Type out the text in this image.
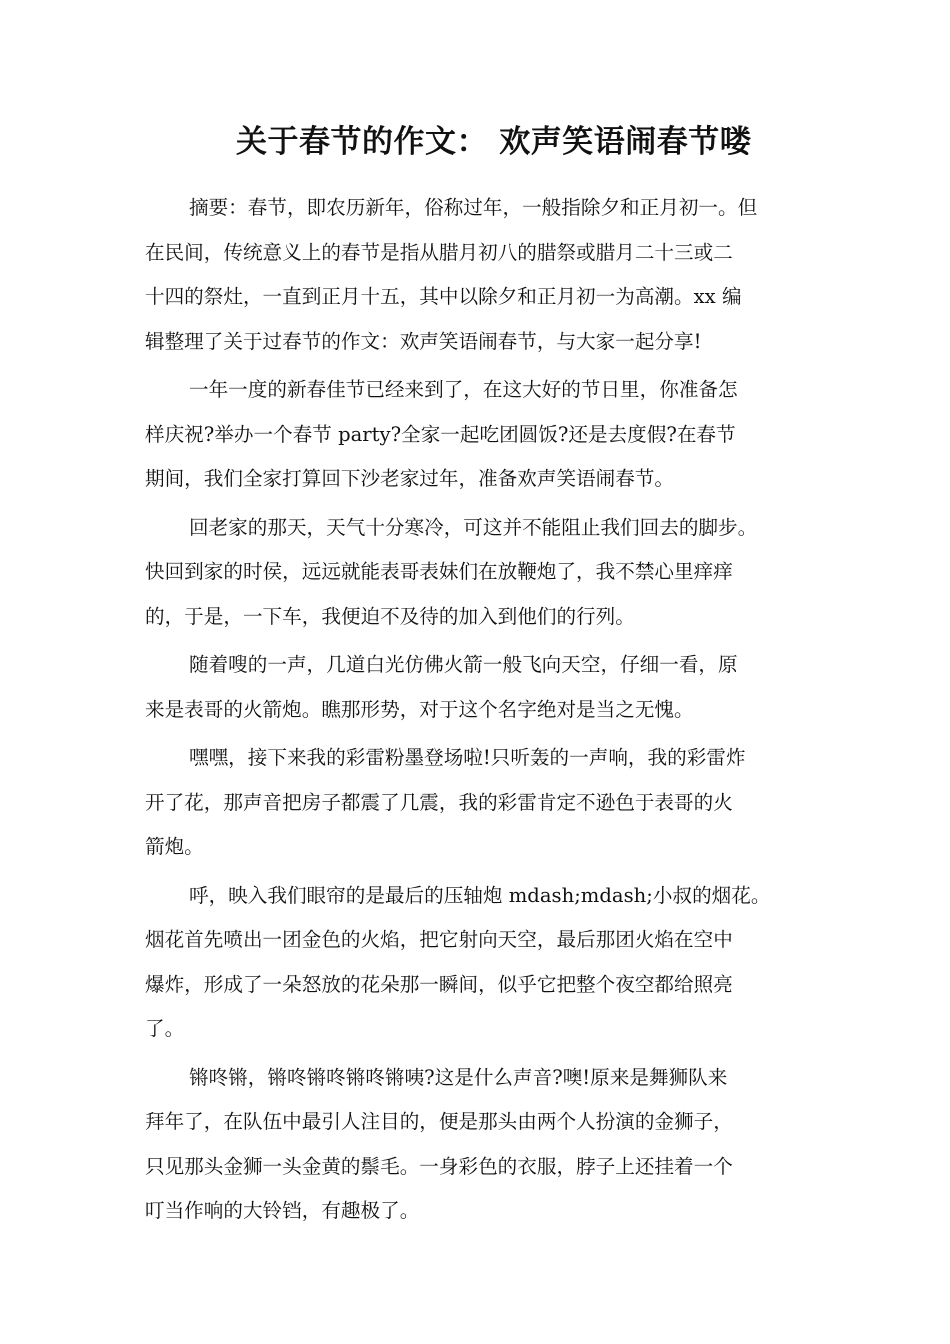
关于春节的作文： 欢声笑语闹春节喽
摘要：春节，即农历新年，俗称过年，一般指除夕和正月初一。但
在民间，传统意义上的春节是指从腊月初八的腊祭或腊月二十三或二
十四的祭灶，一直到正月十五，其中以除夕和正月初一为高潮。xx 编
辑整理了关于过春节的作文：欢声笑语闹春节，与大家一起分享!
一年一度的新春佳节已经来到了，在这大好的节日里，你准备怎
样庆祝?举办一个春节 party?全家一起吃团圆饭?还是去度假?在春节
期间，我们全家打算回下沙老家过年，准备欢声笑语闹春节。
回老家的那天，天气十分寒冷，可这并不能阻止我们回去的脚步。
快回到家的时侯，远远就能表哥表妹们在放鞭炮了，我不禁心里痒痒
的，于是，一下车，我便迫不及待的加入到他们的行列。
随着嗖的一声，几道白光仿佛火箭一般飞向天空，仔细一看，原
来是表哥的火箭炮。瞧那形势，对于这个名字绝对是当之无愧。
嘿嘿，接下来我的彩雷粉墨登场啦!只听轰的一声响，我的彩雷炸
开了花，那声音把房子都震了几震，我的彩雷肯定不逊色于表哥的火
箭炮。
呼，映入我们眼帘的是最后的压轴炮 mdash;mdash;小叔的烟花。
烟花首先喷出一团金色的火焰，把它射向天空，最后那团火焰在空中
爆炸，形成了一朵怒放的花朵那一瞬间，似乎它把整个夜空都给照亮
了。
锵咚锵，锵咚锵咚锵咚锵咦?这是什么声音?噢!原来是舞狮队来
拜年了，在队伍中最引人注目的，便是那头由两个人扮演的金狮子，
只见那头金狮一头金黄的鬃毛。一身彩色的衣服，脖子上还挂着一个
叮当作响的大铃铛，有趣极了。
